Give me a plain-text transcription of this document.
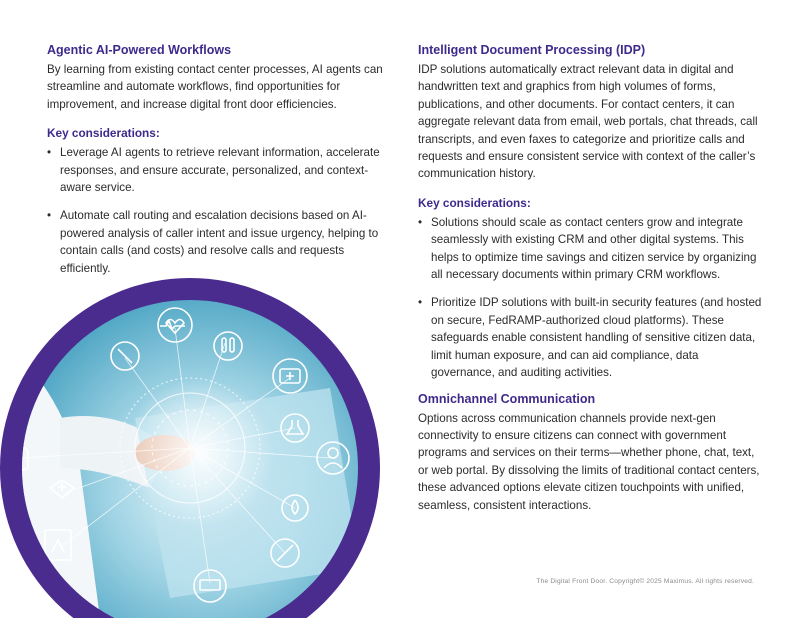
Agentic AI-Powered Workflows

By learning from existing contact center processes, AI agents can streamline and automate workflows, find opportunities for improvement, and increase digital front door efficiencies.

Key considerations:
• Leverage AI agents to retrieve relevant information, accelerate responses, and ensure accurate, personalized, and context-aware service.
• Automate call routing and escalation decisions based on AI-powered analysis of caller intent and issue urgency, helping to contain calls (and costs) and resolve calls and requests efficiently.
Intelligent Document Processing (IDP)

IDP solutions automatically extract relevant data in digital and handwritten text and graphics from high volumes of forms, publications, and other documents. For contact centers, it can aggregate relevant data from email, web portals, chat threads, call transcripts, and even faxes to categorize and prioritize calls and requests and ensure consistent service with context of the caller’s communication history.

Key considerations:
• Solutions should scale as contact centers grow and integrate seamlessly with existing CRM and other digital systems. This helps to optimize time savings and citizen service by organizing all necessary documents within primary CRM workflows.
• Prioritize IDP solutions with built-in security features (and hosted on secure, FedRAMP-authorized cloud platforms). These safeguards enable consistent handling of sensitive citizen data, limit human exposure, and can aid compliance, data governance, and auditing activities.
Omnichannel Communication

Options across communication channels provide next-gen connectivity to ensure citizens can connect with government programs and services on their terms—whether phone, chat, text, or web portal. By dissolving the limits of traditional contact centers, these advanced options elevate citizen touchpoints with unified, seamless, consistent interactions.

The Digital Front Door. Copyright© 2025 Maximus. All rights reserved.
